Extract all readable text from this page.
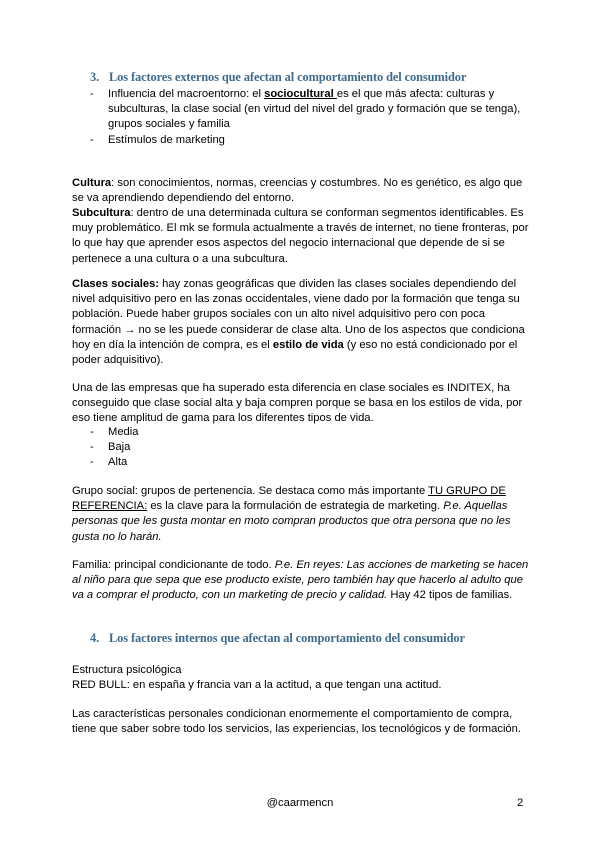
3. Los factores externos que afectan al comportamiento del consumidor
- Influencia del macroentorno: el sociocultural es el que más afecta: culturas y subculturas, la clase social (en virtud del nivel del grado y formación que se tenga), grupos sociales y familia
- Estímulos de marketing
Cultura: son conocimientos, normas, creencias y costumbres. No es genético, es algo que se va aprendiendo dependiendo del entorno.
Subcultura: dentro de una determinada cultura se conforman segmentos identificables. Es muy problemático. El mk se formula actualmente a través de internet, no tiene fronteras, por lo que hay que aprender esos aspectos del negocio internacional que depende de si se pertenece a una cultura o a una subcultura.
Clases sociales: hay zonas geográficas que dividen las clases sociales dependiendo del nivel adquisitivo pero en las zonas occidentales, viene dado por la formación que tenga su población. Puede haber grupos sociales con un alto nivel adquisitivo pero con poca formación → no se les puede considerar de clase alta. Uno de los aspectos que condiciona hoy en día la intención de compra, es el estilo de vida (y eso no está condicionado por el poder adquisitivo).
Una de las empresas que ha superado esta diferencia en clase sociales es INDITEX, ha conseguido que clase social alta y baja compren porque se basa en los estilos de vida, por eso tiene amplitud de gama para los diferentes tipos de vida.
- Media
- Baja
- Alta
Grupo social: grupos de pertenencia. Se destaca como más importante TU GRUPO DE REFERENCIA: es la clave para la formulación de estrategia de marketing. P.e. Aquellas personas que les gusta montar en moto compran productos que otra persona que no les gusta no lo harán.
Familia: principal condicionante de todo. P.e. En reyes: Las acciones de marketing se hacen al niño para que sepa que ese producto existe, pero también hay que hacerlo al adulto que va a comprar el producto, con un marketing de precio y calidad. Hay 42 tipos de familias.
4. Los factores internos que afectan al comportamiento del consumidor
Estructura psicológica
RED BULL: en españa y francia van a la actitud, a que tengan una actitud.
Las características personales condicionan enormemente el comportamiento de compra, tiene que saber sobre todo los servicios, las experiencias, los tecnológicos y de formación.
@caarmencn	2
